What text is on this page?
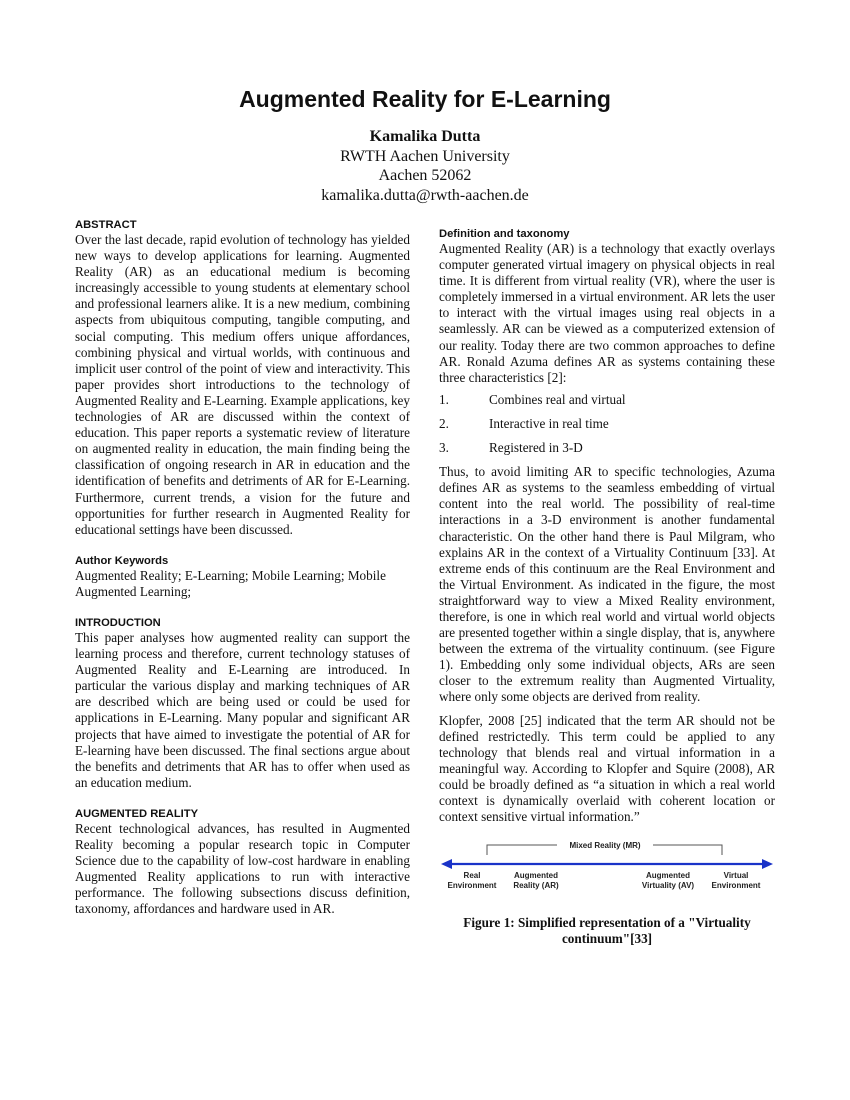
Augmented Reality for E-Learning
Kamalika Dutta
RWTH Aachen University
Aachen 52062
kamalika.dutta@rwth-aachen.de
ABSTRACT

Over the last decade, rapid evolution of technology has yielded new ways to develop applications for learning. Augmented Reality (AR) as an educational medium is becoming increasingly accessible to young students at elementary school and professional learners alike. It is a new medium, combining aspects from ubiquitous computing, tangible computing, and social computing. This medium offers unique affordances, combining physical and virtual worlds, with continuous and implicit user control of the point of view and interactivity. This paper provides short introductions to the technology of Augmented Reality and E-Learning. Example applications, key technologies of AR are discussed within the context of education. This paper reports a systematic review of literature on augmented reality in education, the main finding being the classification of ongoing research in AR in education and the identification of benefits and detriments of AR for E-Learning. Furthermore, current trends, a vision for the future and opportunities for further research in Augmented Reality for educational settings have been discussed.

Author Keywords

Augmented Reality; E-Learning; Mobile Learning; Mobile Augmented Learning;

INTRODUCTION

This paper analyses how augmented reality can support the learning process and therefore, current technology statuses of Augmented Reality and E-Learning are introduced. In particular the various display and marking techniques of AR are described which are being used or could be used for applications in E-Learning. Many popular and significant AR projects that have aimed to investigate the potential of AR for E-learning have been discussed. The final sections argue about the benefits and detriments that AR has to offer when used as an education medium.

AUGMENTED REALITY

Recent technological advances, has resulted in Augmented Reality becoming a popular research topic in Computer Science due to the capability of low-cost hardware in enabling Augmented Reality applications to run with interactive performance. The following subsections discuss definition, taxonomy, affordances and hardware used in AR.

Definition and taxonomy

Augmented Reality (AR) is a technology that exactly overlays computer generated virtual imagery on physical objects in real time. It is different from virtual reality (VR), where the user is completely immersed in a virtual environment. AR lets the user to interact with the virtual images using real objects in a seamlessly. AR can be viewed as a computerized extension of our reality. Today there are two common approaches to define AR. Ronald Azuma defines AR as systems containing these three characteristics [2]:

1.	Combines real and virtual
2.	Interactive in real time
3.	Registered in 3-D

Thus, to avoid limiting AR to specific technologies, Azuma defines AR as systems to the seamless embedding of virtual content into the real world. The possibility of real-time interactions in a 3-D environment is another fundamental characteristic. On the other hand there is Paul Milgram, who explains AR in the context of a Virtuality Continuum [33]. At extreme ends of this continuum are the Real Environment and the Virtual Environment. As indicated in the figure, the most straightforward way to view a Mixed Reality environment, therefore, is one in which real world and virtual world objects are presented together within a single display, that is, anywhere between the extrema of the virtuality continuum. (see Figure 1). Embedding only some individual objects, ARs are seen closer to the extremum reality than Augmented Virtuality, where only some objects are derived from reality.

Klopfer, 2008 [25] indicated that the term AR should not be defined restrictedly. This term could be applied to any technology that blends real and virtual information in a meaningful way. According to Klopfer and Squire (2008), AR could be broadly defined as “a situation in which a real world context is dynamically overlaid with coherent location or context sensitive virtual information.”

Mixed Reality (MR)
Real
Environment
Augmented
Reality (AR)
Augmented
Virtuality (AV)
Virtual
Environment
Figure 1: Simplified representation of a "Virtuality continuum"[33]
